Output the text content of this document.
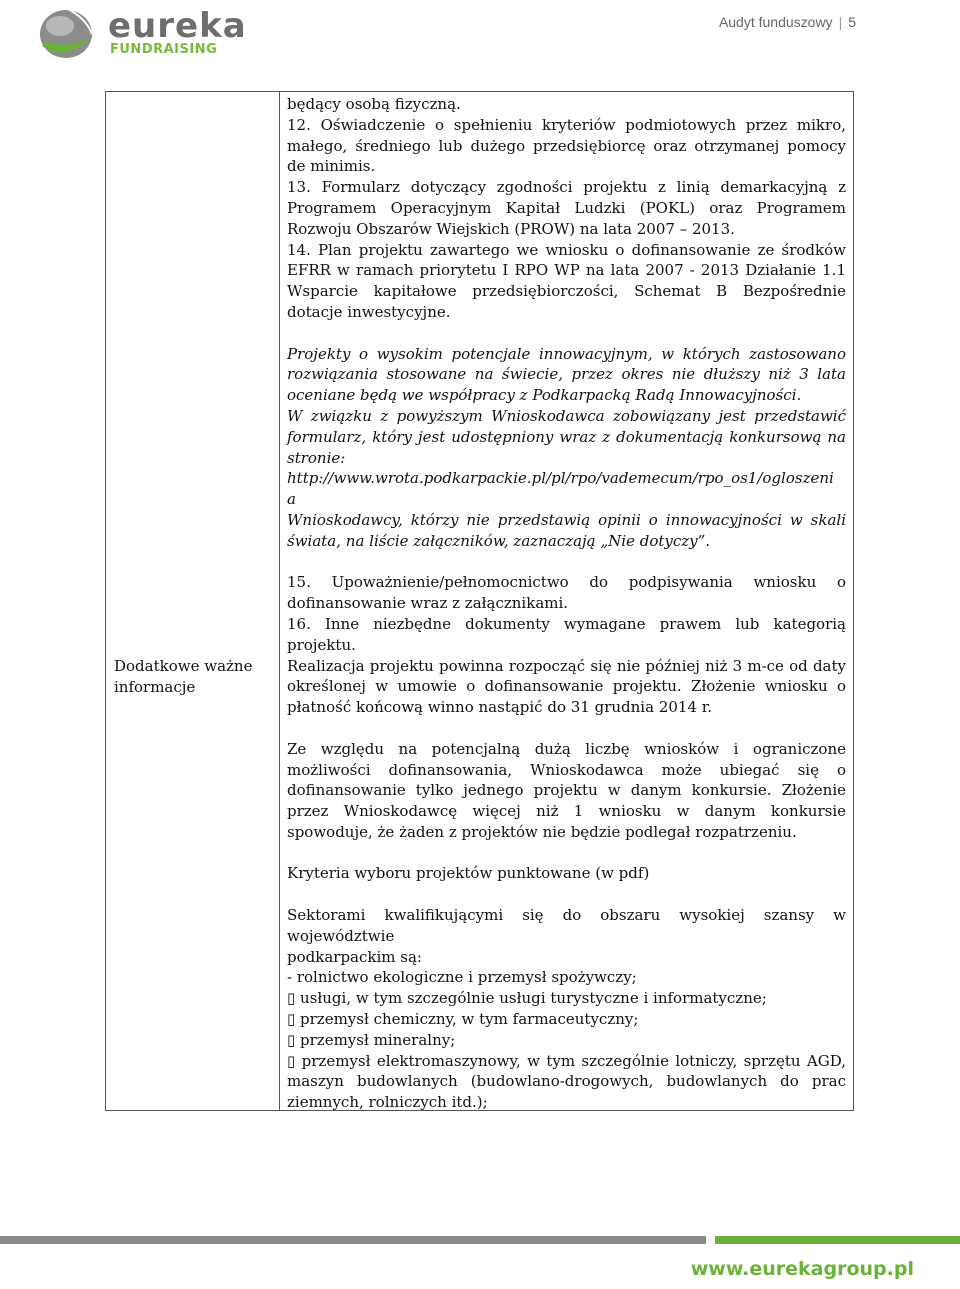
eureka
FUNDRAISING
Audyt funduszowy | 5
Dodatkowe ważne informacje

będący osobą fizyczną.

12. Oświadczenie o spełnieniu kryteriów podmiotowych przez mikro, małego, średniego lub dużego przedsiębiorcę oraz otrzymanej pomocy de minimis.

13. Formularz dotyczący zgodności projektu z linią demarkacyjną z Programem Operacyjnym Kapitał Ludzki (POKL) oraz Programem Rozwoju Obszarów Wiejskich (PROW) na lata 2007 – 2013.

14. Plan projektu zawartego we wniosku o dofinansowanie ze środków EFRR w ramach priorytetu I RPO WP na lata 2007 - 2013 Działanie 1.1 Wsparcie kapitałowe przedsiębiorczości, Schemat B Bezpośrednie dotacje inwestycyjne.

Projekty o wysokim potencjale innowacyjnym, w których zastosowano rozwiązania stosowane na świecie, przez okres nie dłuższy niż 3 lata oceniane będą we współpracy z Podkarpacką Radą Innowacyjności.

W związku z powyższym Wnioskodawca zobowiązany jest przedstawić formularz, który jest udostępniony wraz z dokumentacją konkursową na stronie:

http://www.wrota.podkarpackie.pl/pl/rpo/vademecum/rpo_os1/ogloszeni

a

Wnioskodawcy, którzy nie przedstawią opinii o innowacyjności w skali świata, na liście załączników, zaznaczają „Nie dotyczy”.

15. Upoważnienie/pełnomocnictwo do podpisywania wniosku o dofinansowanie wraz z załącznikami.

16. Inne niezbędne dokumenty wymagane prawem lub kategorią projektu.

Realizacja projektu powinna rozpocząć się nie później niż 3 m-ce od daty określonej w umowie o dofinansowanie projektu. Złożenie wniosku o płatność końcową winno nastąpić do 31 grudnia 2014 r.

Ze względu na potencjalną dużą liczbę wniosków i ograniczone możliwości dofinansowania, Wnioskodawca może ubiegać się o dofinansowanie tylko jednego projektu w danym konkursie. Złożenie przez Wnioskodawcę więcej niż 1 wniosku w danym konkursie spowoduje, że żaden z projektów nie będzie podlegał rozpatrzeniu.

Kryteria wyboru projektów punktowane (w pdf)

Sektorami kwalifikującymi się do obszaru wysokiej szansy w województwie

podkarpackim są:

- rolnictwo ekologiczne i przemysł spożywczy;

▯ usługi, w tym szczególnie usługi turystyczne i informatyczne;

▯ przemysł chemiczny, w tym farmaceutyczny;

▯ przemysł mineralny;

▯ przemysł elektromaszynowy, w tym szczególnie lotniczy, sprzętu AGD, maszyn budowlanych (budowlano-drogowych, budowlanych do prac ziemnych, rolniczych itd.);

www.eurekagroup.pl
